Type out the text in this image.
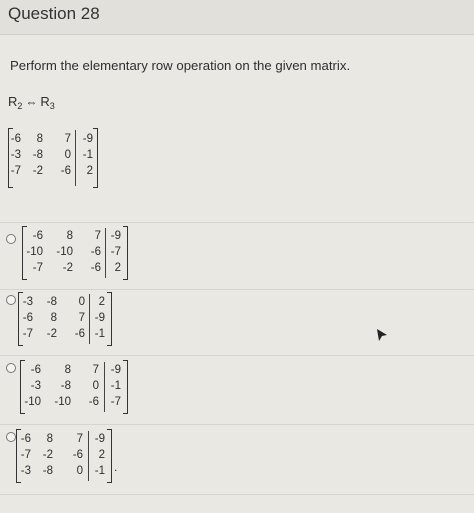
Question 28
Perform the elementary row operation on the given matrix.
$R_2$ ⇔ $R_3$
-6	8	7	-9
-3	-8	0	-1
-7	-2	-6	2
-6	8	7 -9
-10	-10	-6 -7
-7	-2	-6	2
-3	-8	0	2
-6	8	7 -9
-7	-2	-6 -1
-6	8	7	-9
-3	-8	0	-1
-10	-10	-6	-7
-6	8	7	-9
-7	-2	-6	2
-3	-8	0	-1 .
